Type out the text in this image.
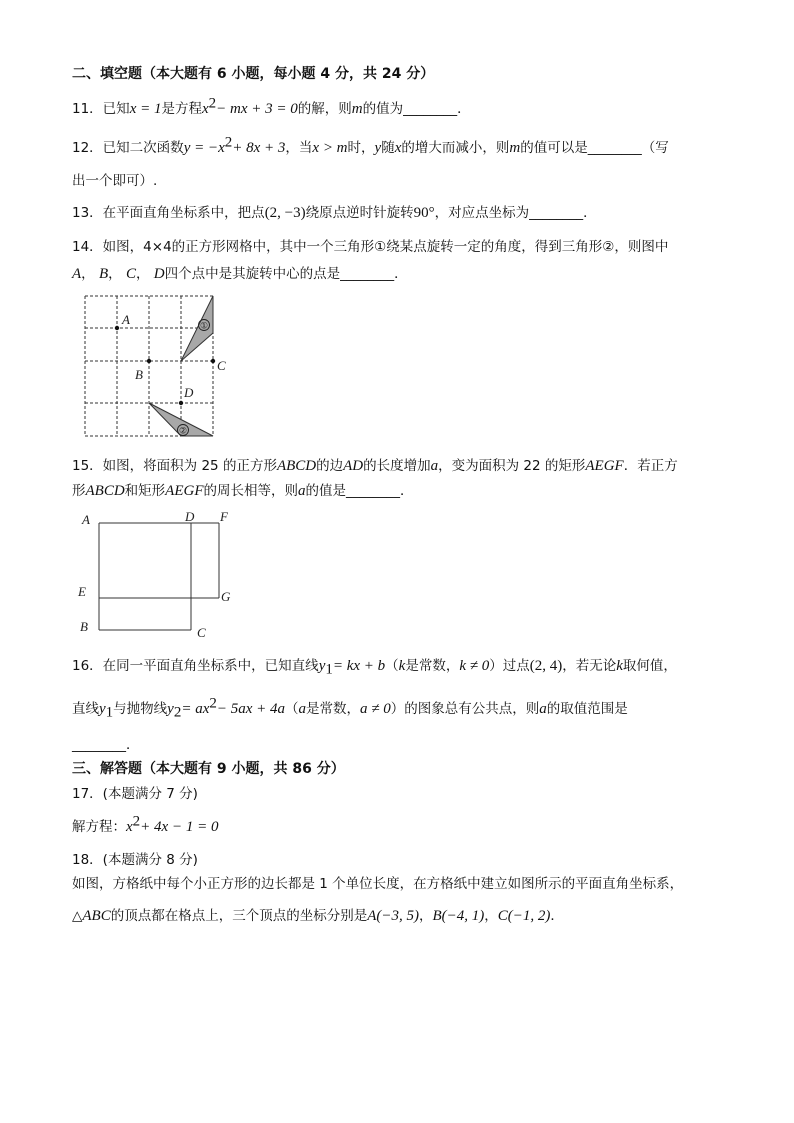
二、填空题（本大题有 6 小题，每小题 4 分，共 24 分）
11．已知x = 1是方程$x^2-$ mx + 3 = 0的解，则m的值为________．
12．已知二次函数$y = -x^2+ 8x + 3$，当x > m时，y随x的增大而减小，则m的值可以是________（写
出一个即可）.
13．在平面直角坐标系中，把点(2, −3)绕原点逆时针旋转90°，对应点坐标为________．
14．如图，4×4的正方形网格中，其中一个三角形①绕某点旋转一定的角度，得到三角形②，则图中
A， B， C， D四个点中是其旋转中心的点是________．
A
B
C
D
①
②
15．如图，将面积为 25 的正方形ABCD的边AD的长度增加a，变为面积为 22 的矩形AEGF．若正方
形ABCD和矩形AEGF的周长相等，则a的值是________．
A	D F
E	G
B	C
16．在同一平面直角坐标系中，已知直线$y_1=$ kx + b（k是常数，k ≠ 0）过点(2, 4)，若无论k取何值，
直线$y_1$与抛物线$y_2= ax^2- 5ax + 4a(a$是常数，a ≠ 0）的图象总有公共点，则a的取值范围是
________．
三、解答题（本大题有 9 小题，共 86 分）
17．(本题满分 7 分)
解方程：$x^2+ 4x - 1 = 0$
18．(本题满分 8 分)
如图，方格纸中每个小正方形的边长都是 1 个单位长度，在方格纸中建立如图所示的平面直角坐标系，
△ABC的顶点都在格点上，三个顶点的坐标分别是A(−3, 5)，B(−4, 1)，C(−1, 2)．
